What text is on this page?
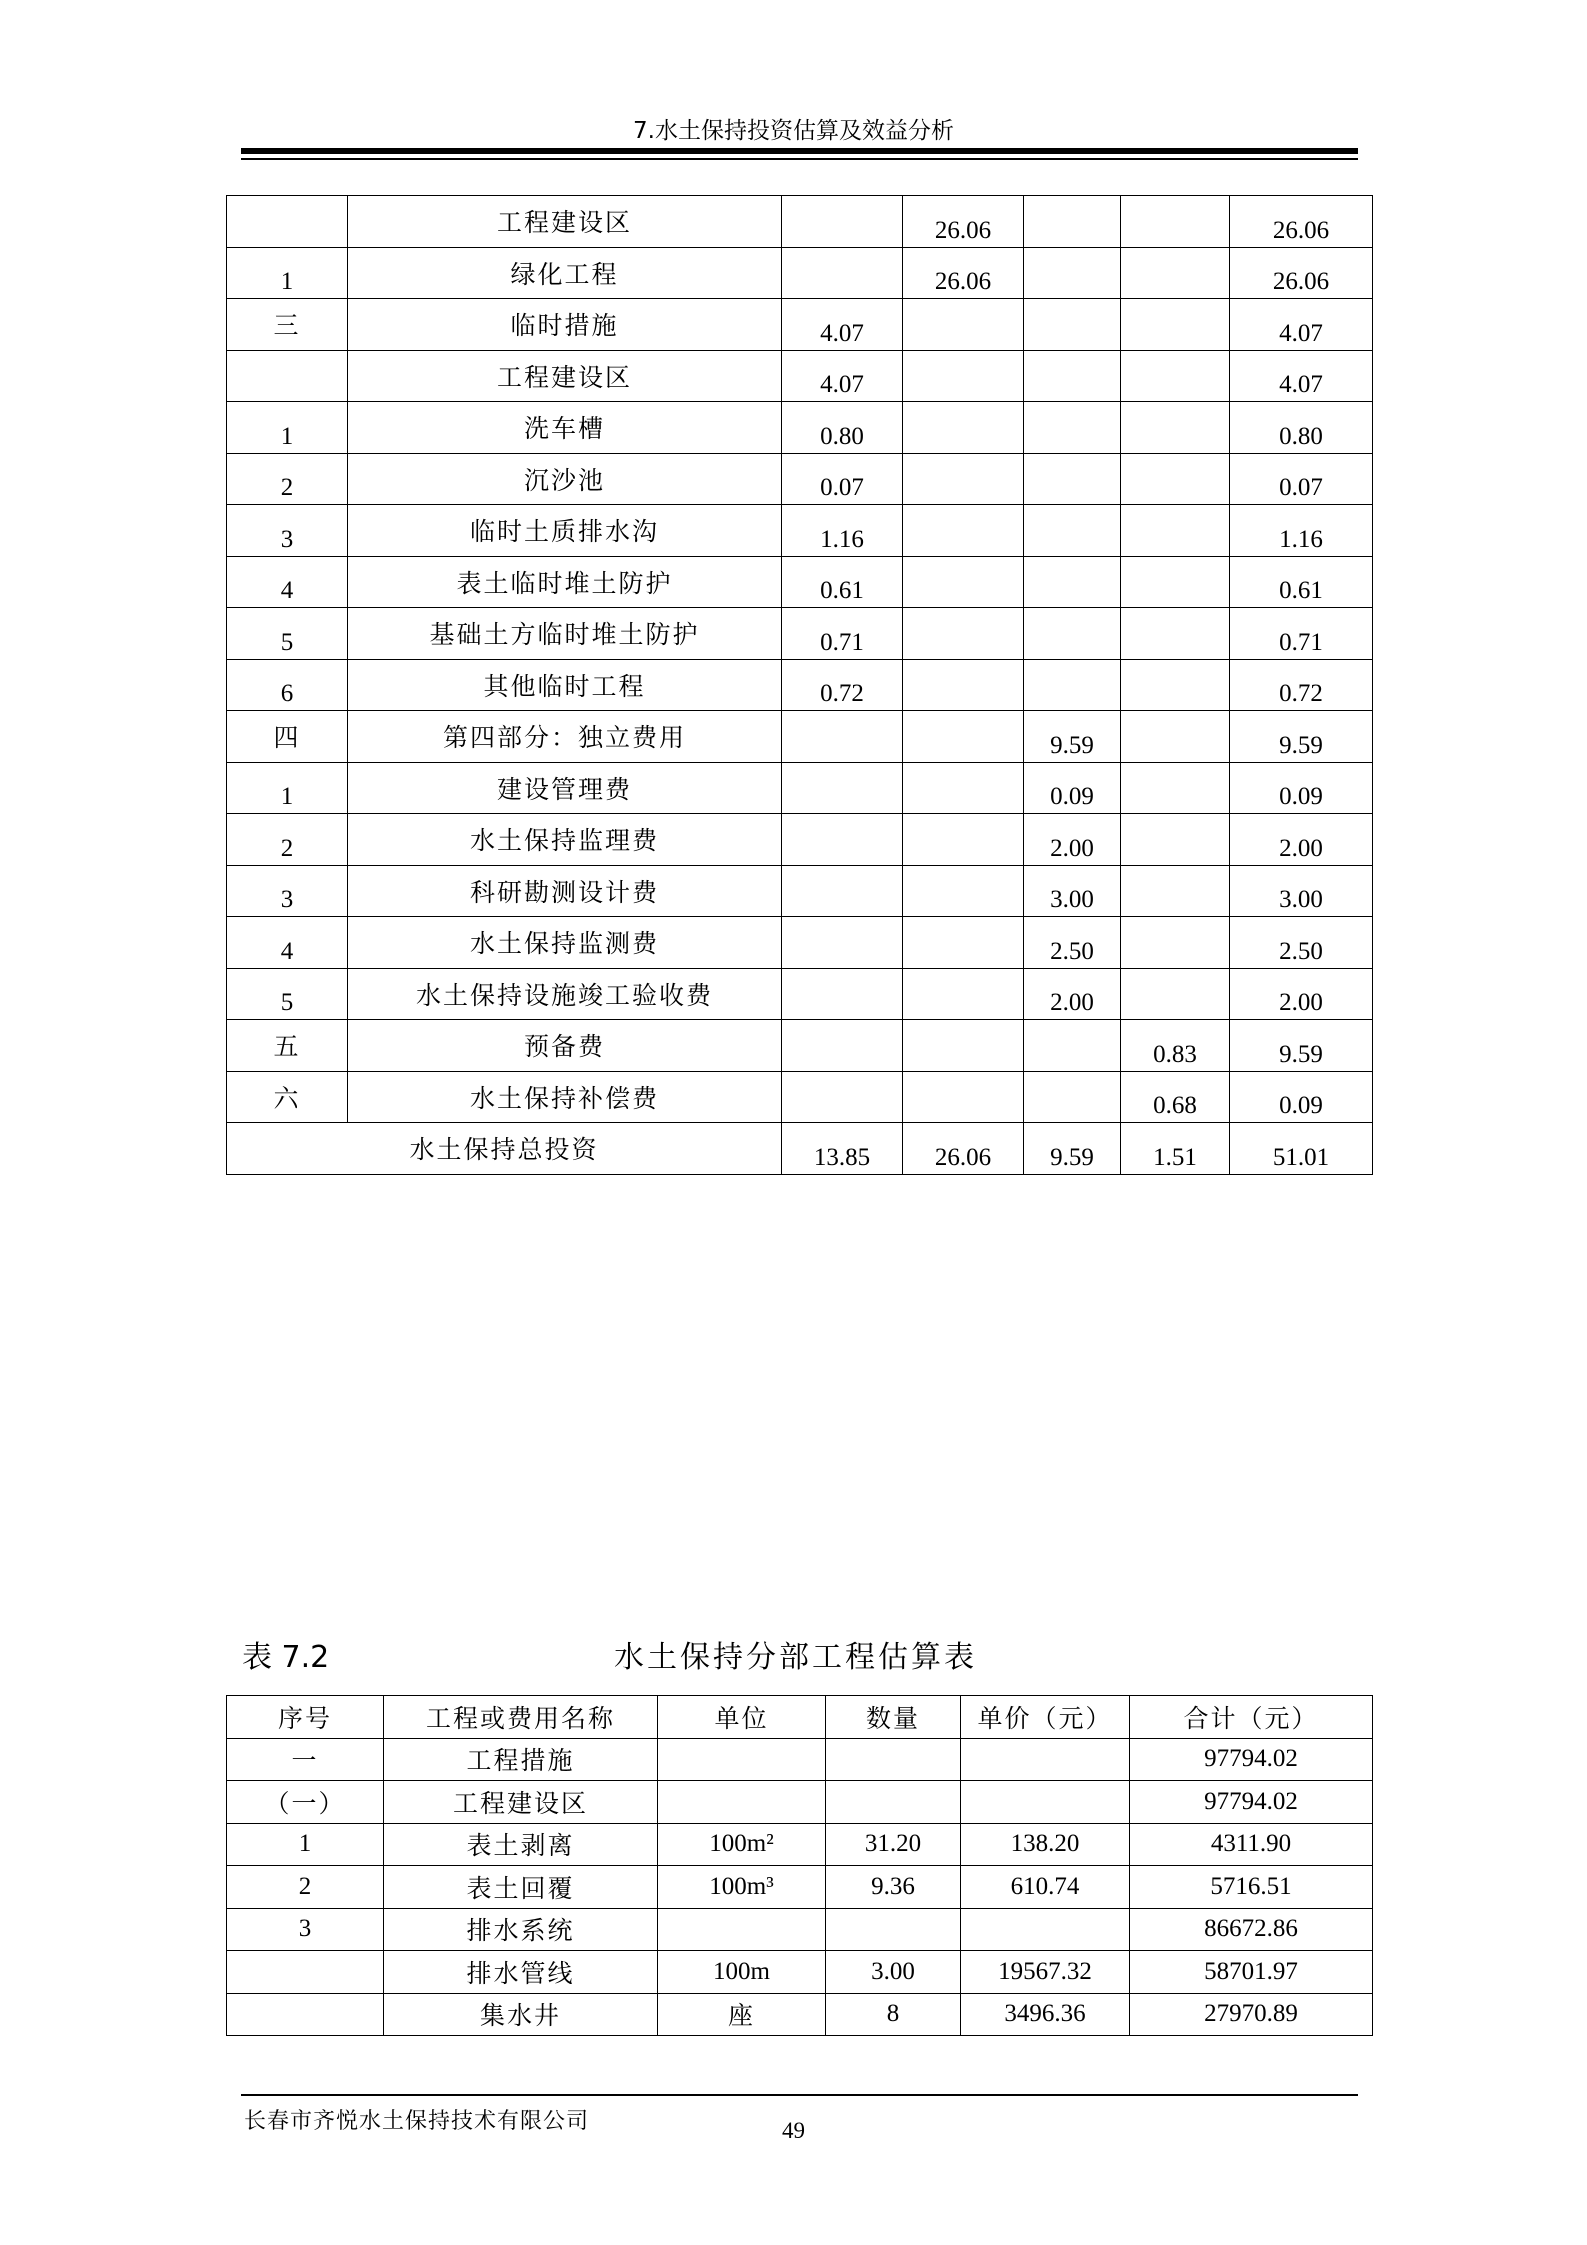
7.水土保持投资估算及效益分析
	工程建设区		26.06			26.06
1	绿化工程		26.06			26.06
三	临时措施	4.07				4.07
	工程建设区	4.07				4.07
1	洗车槽	0.80				0.80
2	沉沙池	0.07				0.07
3	临时土质排水沟	1.16				1.16
4	表土临时堆土防护	0.61				0.61
5	基础土方临时堆土防护	0.71				0.71
6	其他临时工程	0.72				0.72
四	第四部分：独立费用			9.59		9.59
1	建设管理费			0.09		0.09
2	水土保持监理费			2.00		2.00
3	科研勘测设计费			3.00		3.00
4	水土保持监测费			2.50		2.50
5	水土保持设施竣工验收费			2.00		2.00
五	预备费				0.83	9.59
六	水土保持补偿费				0.68	0.09
水土保持总投资		13.85	26.06	9.59	1.51	51.01
表 7.2	水土保持分部工程估算表
序号	工程或费用名称	单位	数量	单价（元）	合计（元）
一	工程措施				97794.02
（一）	工程建设区				97794.02
1	表土剥离	100m²	31.20	138.20	4311.90
2	表土回覆	100m³	9.36	610.74	5716.51
3	排水系统				86672.86
	排水管线	100m	3.00	19567.32	58701.97
	集水井	座	8	3496.36	27970.89
长春市齐悦水土保持技术有限公司	49
